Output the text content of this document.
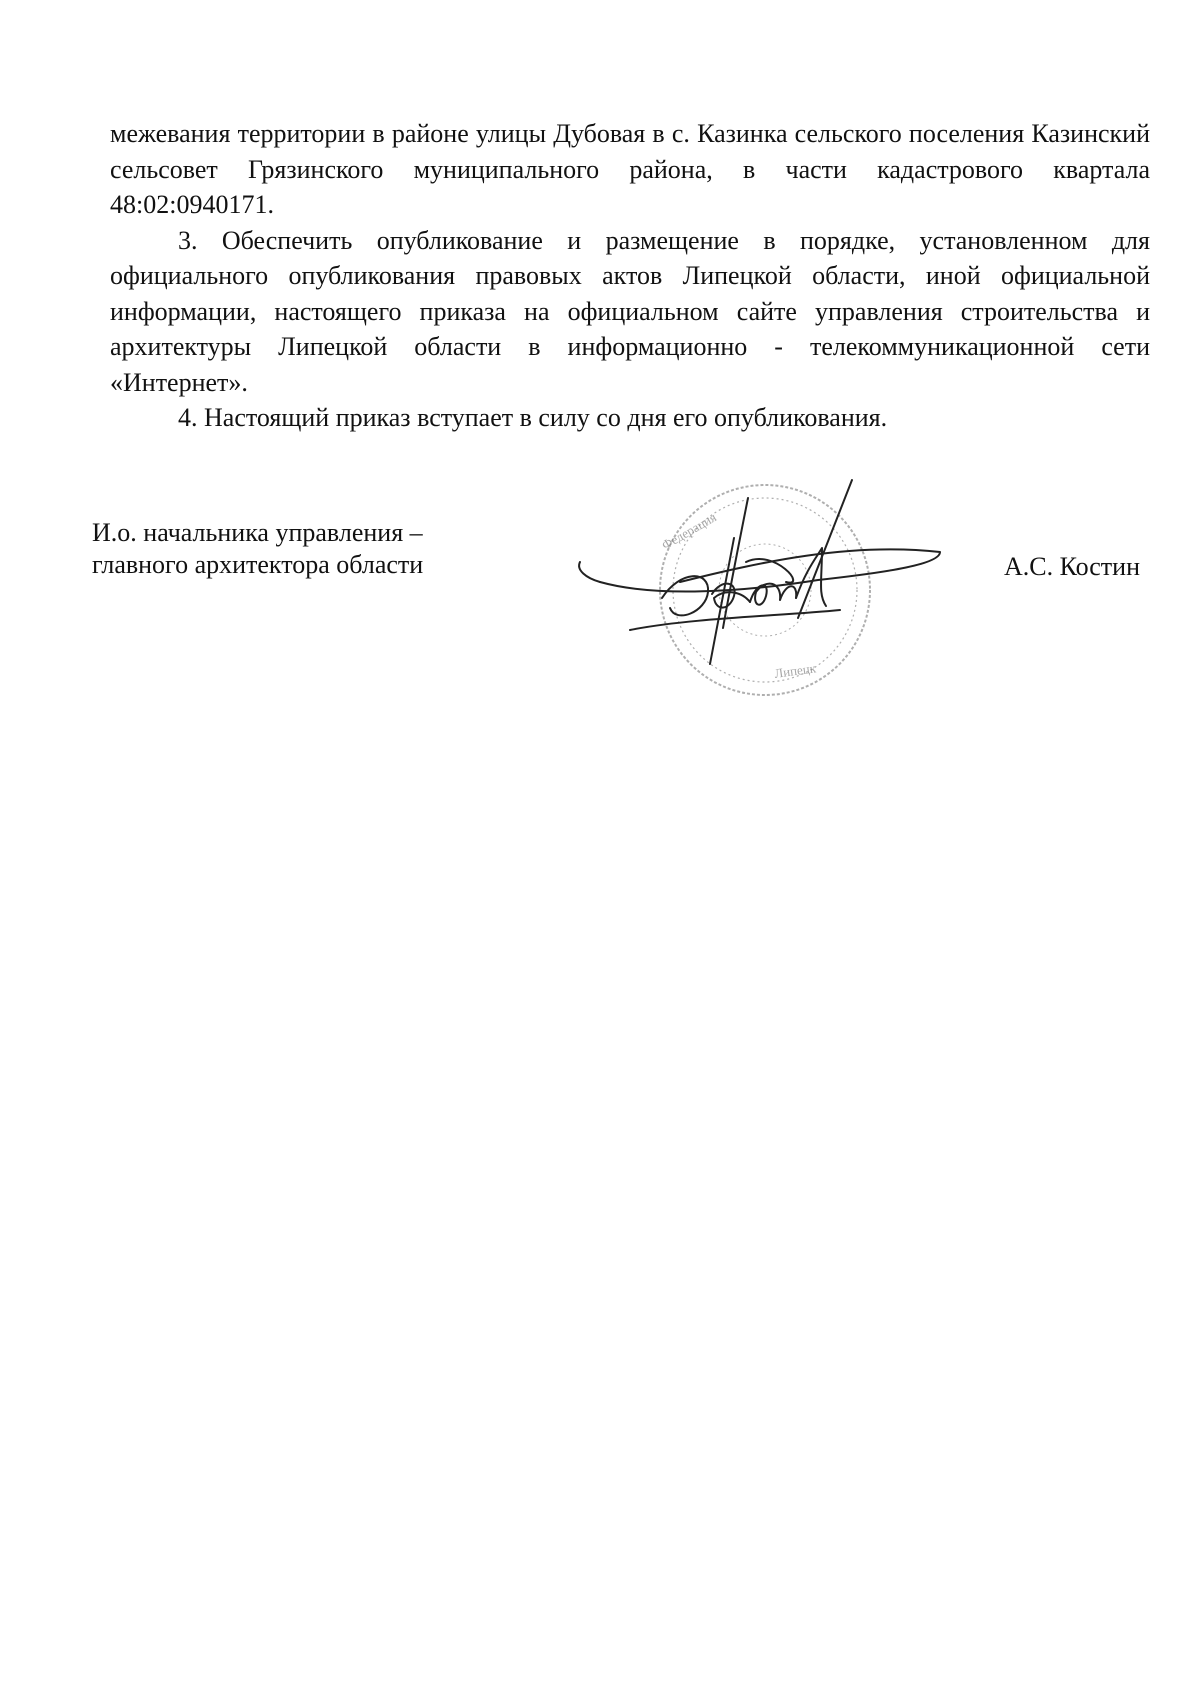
межевания территории в районе улицы Дубовая в с. Казинка сельского поселения Казинский сельсовет Грязинского муниципального района, в части кадастрового квартала 48:02:0940171.

3. Обеспечить опубликование и размещение в порядке, установленном для официального опубликования правовых актов Липецкой области, иной официальной информации, настоящего приказа на официальном сайте управления строительства и архитектуры Липецкой области в информационно - телекоммуникационной сети «Интернет».

4. Настоящий приказ вступает в силу со дня его опубликования.

И.о. начальника управления –
главного архитектора области
Федерация
Липецк
А.С. Костин
